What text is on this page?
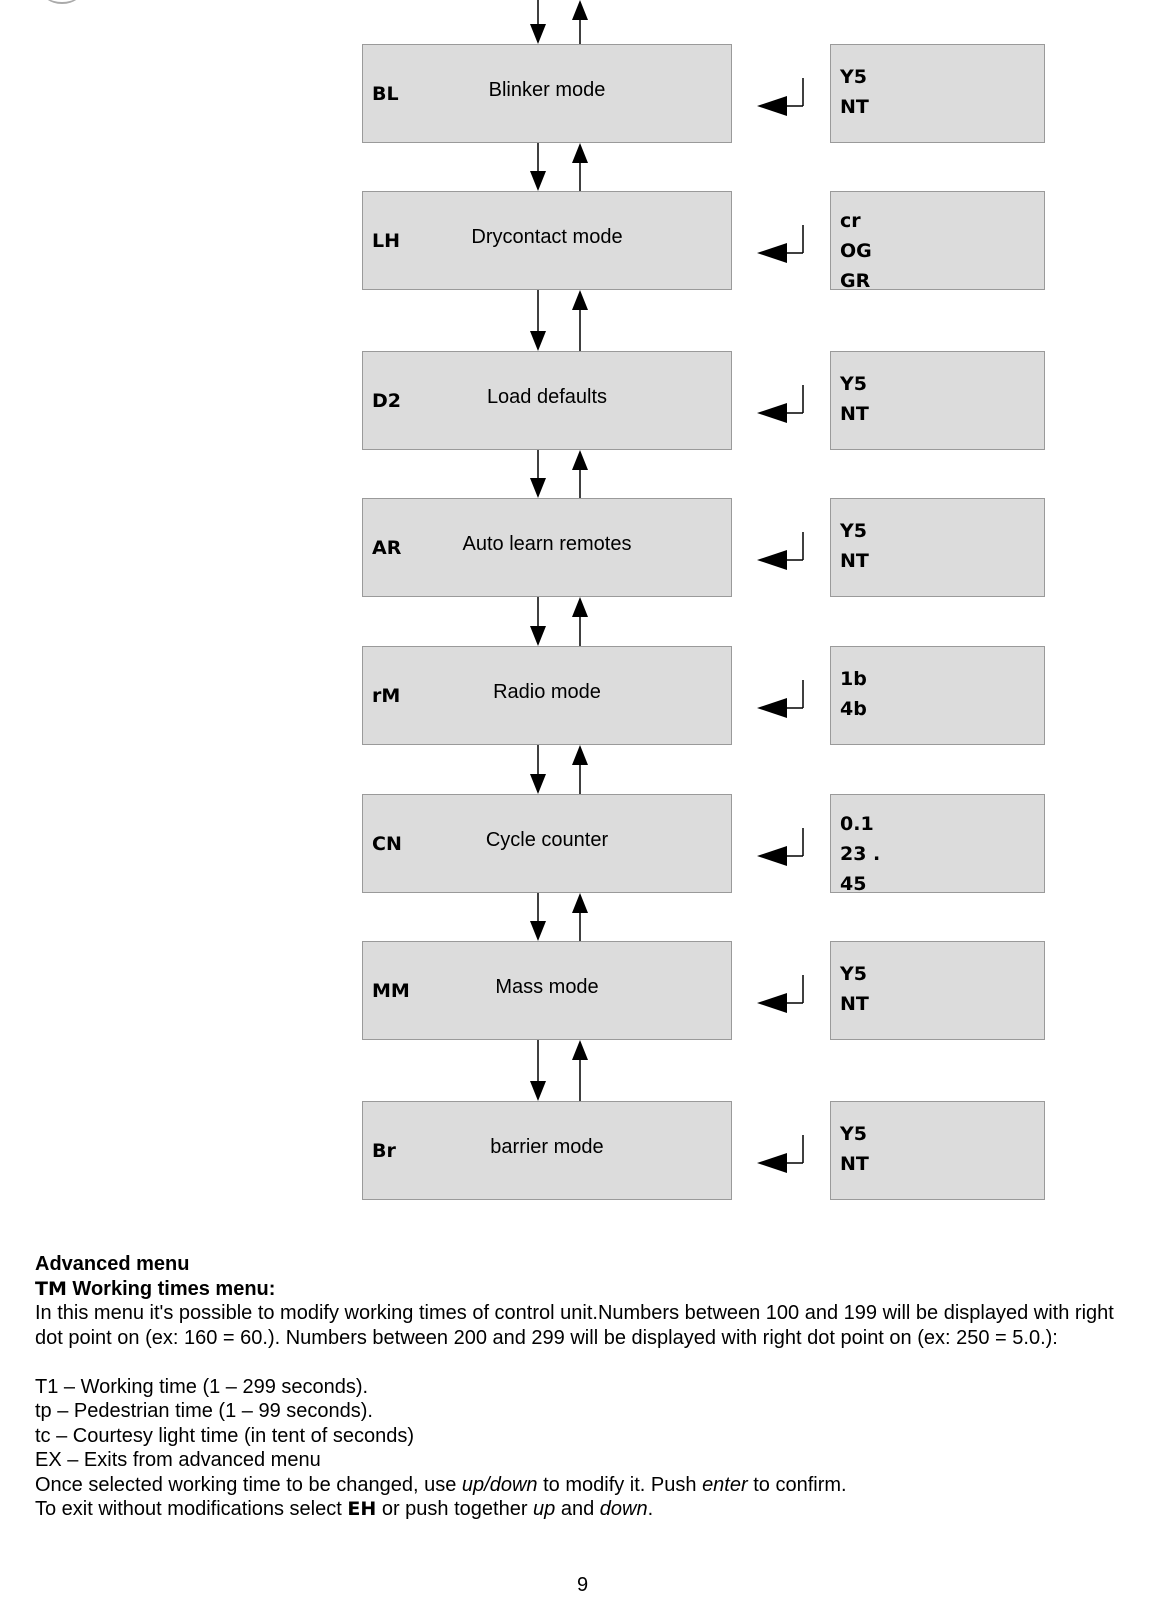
BL	Blinker mode
Y5
NT
LH	Drycontact mode
cr
OG
GR
D2	Load defaults
Y5
NT
AR	Auto learn remotes
Y5
NT
rM	Radio mode
1b
4b
CN	Cycle counter
0.1
23 .
45
MM	Mass mode
Y5
NT
Br	barrier mode
Y5
NT

Advanced menu

TM Working times menu:

In this menu it's possible to modify working times of control unit.Numbers between 100 and 199 will be displayed with right dot point on (ex: 160 = 60.). Numbers between 200 and 299 will be displayed with right dot point on (ex: 250 = 5.0.):

T1 – Working time (1 – 299 seconds).

tp – Pedestrian time (1 – 99 seconds).

tc – Courtesy light time (in tent of seconds)

EX – Exits from advanced menu

Once selected working time to be changed, use up/down to modify it. Push enter to confirm.

To exit without modifications select EH or push together up and down.

9
